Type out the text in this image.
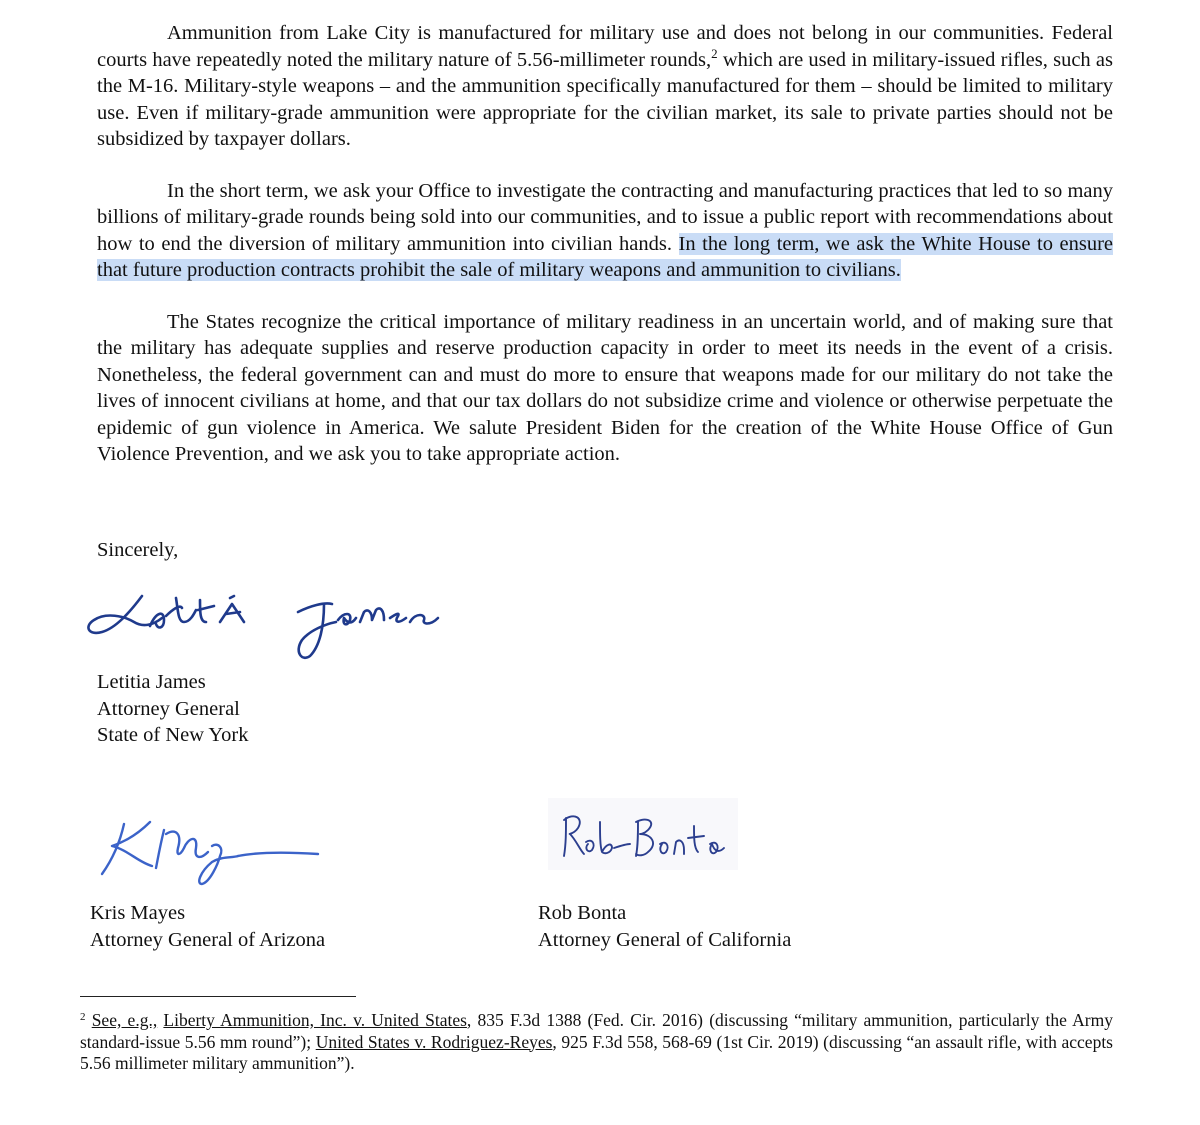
Ammunition from Lake City is manufactured for military use and does not belong in our communities. Federal courts have repeatedly noted the military nature of 5.56-millimeter rounds,$^2$ which are used in military-issued rifles, such as the M-16. Military-style weapons – and the ammunition specifically manufactured for them – should be limited to military use. Even if military-grade ammunition were appropriate for the civilian market, its sale to private parties should not be subsidized by taxpayer dollars.

In the short term, we ask your Office to investigate the contracting and manufacturing practices that led to so many billions of military-grade rounds being sold into our communities, and to issue a public report with recommendations about how to end the diversion of military ammunition into civilian hands. In the long term, we ask the White House to ensure that future production contracts prohibit the sale of military weapons and ammunition to civilians.

The States recognize the critical importance of military readiness in an uncertain world, and of making sure that the military has adequate supplies and reserve production capacity in order to meet its needs in the event of a crisis. Nonetheless, the federal government can and must do more to ensure that weapons made for our military do not take the lives of innocent civilians at home, and that our tax dollars do not subsidize crime and violence or otherwise perpetuate the epidemic of gun violence in America. We salute President Biden for the creation of the White House Office of Gun Violence Prevention, and we ask you to take appropriate action.

Sincerely,

Letitia James
Attorney General
State of New York

Kris Mayes
Attorney General of Arizona

Rob Bonta
Attorney General of California

$^2$ See, e.g., Liberty Ammunition, Inc. v. United States, 835 F.3d 1388 (Fed. Cir. 2016) (discussing “military ammunition, particularly the Army standard-issue 5.56 mm round”); United States v. Rodriguez-Reyes, 925 F.3d 558, 568-69 (1st Cir. 2019) (discussing “an assault rifle, with accepts 5.56 millimeter military ammunition”).
